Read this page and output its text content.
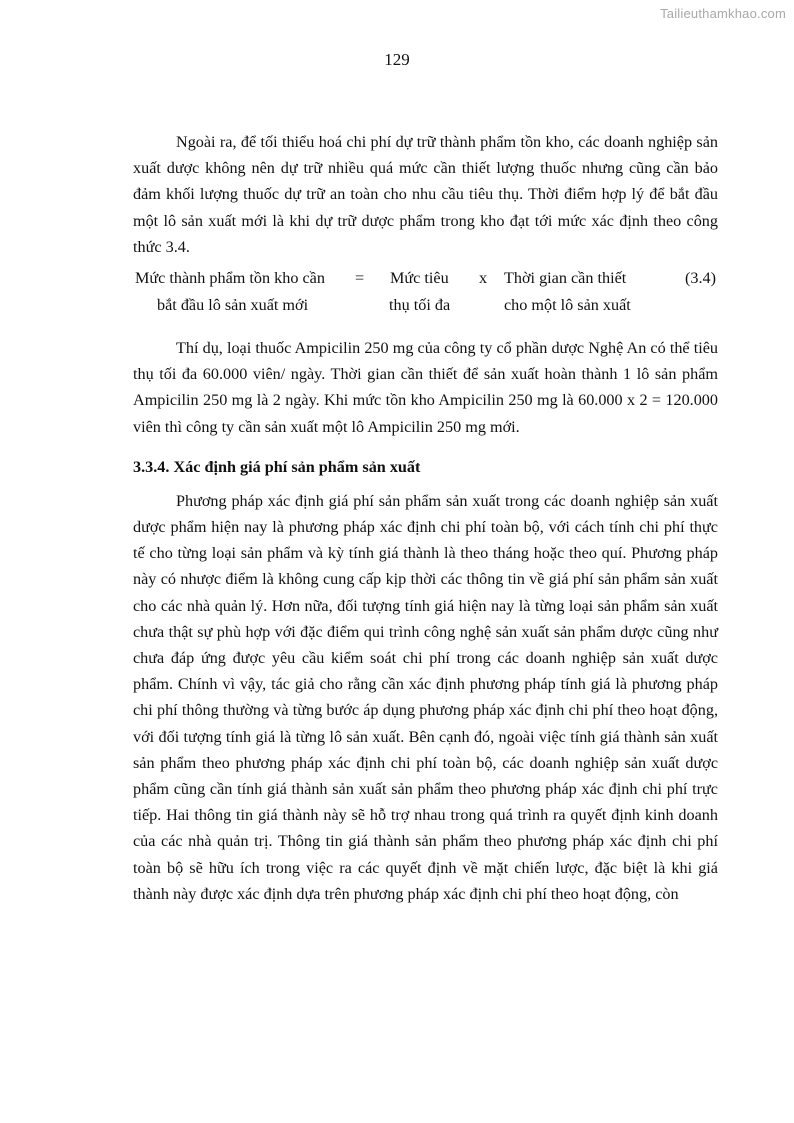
Tailieuthamkhao.com
129

Ngoài ra, để tối thiểu hoá chi phí dự trữ thành phẩm tồn kho, các doanh nghiệp sản xuất dược không nên dự trữ nhiều quá mức cần thiết lượng thuốc nhưng cũng cần bảo đảm khối lượng thuốc dự trữ an toàn cho nhu cầu tiêu thụ. Thời điểm hợp lý để bắt đầu một lô sản xuất mới là khi dự trữ dược phẩm trong kho đạt tới mức xác định theo công thức 3.4.

Mức thành phẩm tồn kho cần
bắt đầu lô sản xuất mới
= Mức tiêu
thụ tối đa
x Thời gian cần thiết
cho một lô sản xuất
(3.4)

Thí dụ, loại thuốc Ampicilin 250 mg của công ty cổ phần dược Nghệ An có thể tiêu thụ tối đa 60.000 viên/ ngày. Thời gian cần thiết để sản xuất hoàn thành 1 lô sản phẩm Ampicilin 250 mg là 2 ngày. Khi mức tồn kho Ampicilin 250 mg là 60.000 x 2 = 120.000 viên thì công ty cần sản xuất một lô Ampicilin 250 mg mới.

3.3.4. Xác định giá phí sản phẩm sản xuất

Phương pháp xác định giá phí sản phẩm sản xuất trong các doanh nghiệp sản xuất dược phẩm hiện nay là phương pháp xác định chi phí toàn bộ, với cách tính chi phí thực tế cho từng loại sản phẩm và kỳ tính giá thành là theo tháng hoặc theo quí. Phương pháp này có nhược điểm là không cung cấp kịp thời các thông tin về giá phí sản phẩm sản xuất cho các nhà quản lý. Hơn nữa, đối tượng tính giá hiện nay là từng loại sản phẩm sản xuất chưa thật sự phù hợp với đặc điểm qui trình công nghệ sản xuất sản phẩm dược cũng như chưa đáp ứng được yêu cầu kiểm soát chi phí trong các doanh nghiệp sản xuất dược phẩm. Chính vì vậy, tác giả cho rằng cần xác định phương pháp tính giá là phương pháp chi phí thông thường và từng bước áp dụng phương pháp xác định chi phí theo hoạt động, với đối tượng tính giá là từng lô sản xuất. Bên cạnh đó, ngoài việc tính giá thành sản xuất sản phẩm theo phương pháp xác định chi phí toàn bộ, các doanh nghiệp sản xuất dược phẩm cũng cần tính giá thành sản xuất sản phẩm theo phương pháp xác định chi phí trực tiếp. Hai thông tin giá thành này sẽ hỗ trợ nhau trong quá trình ra quyết định kinh doanh của các nhà quản trị. Thông tin giá thành sản phẩm theo phương pháp xác định chi phí toàn bộ sẽ hữu ích trong việc ra các quyết định về mặt chiến lược, đặc biệt là khi giá thành này được xác định dựa trên phương pháp xác định chi phí theo hoạt động, còn
